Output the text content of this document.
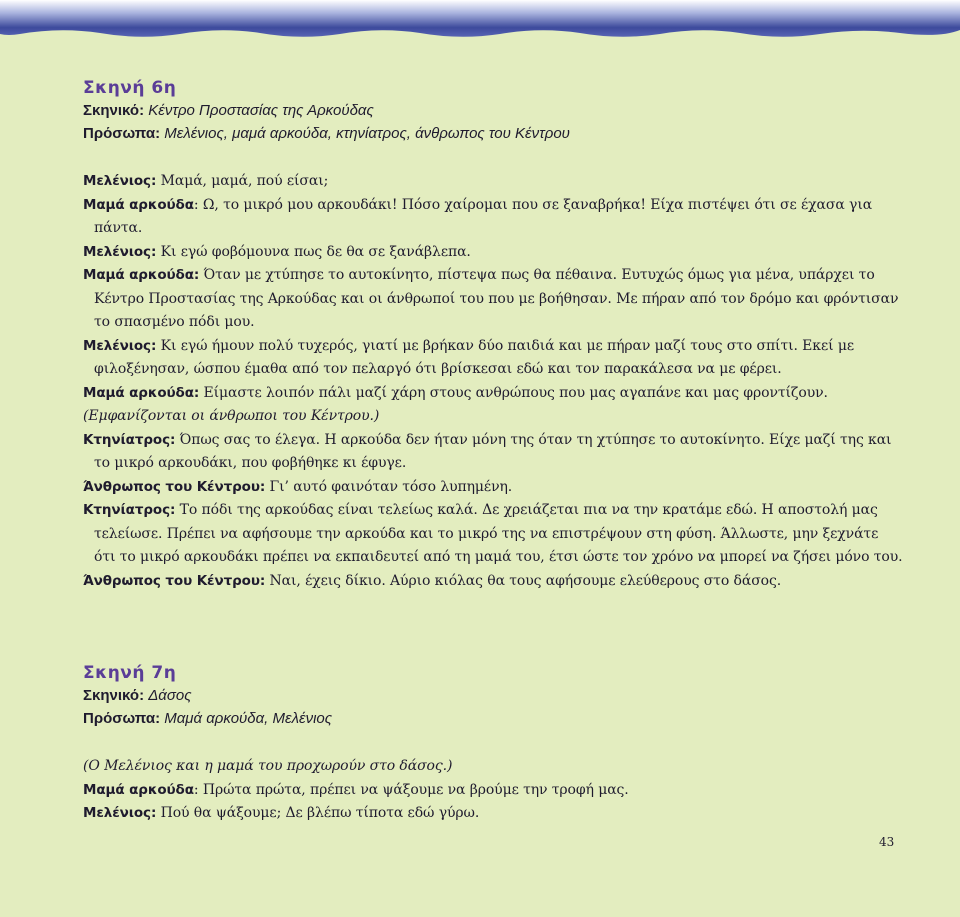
Σκηνή 6η
Σκηνικό: Κέντρο Προστασίας της Αρκούδας
Πρόσωπα: Μελένιος, μαμά αρκούδα, κτηνίατρος, άνθρωπος του Κέντρου
Μελένιος: Μαμά, μαμά, πού είσαι;
Μαμά αρκούδα: Ω, το μικρό μου αρκουδάκι! Πόσο χαίρομαι που σε ξαναβρήκα! Είχα πιστέψει ότι σε έχασα για πάντα.
Μελένιος: Κι εγώ φοβόμουνα πως δε θα σε ξανάβλεπα.
Μαμά αρκούδα: Όταν με χτύπησε το αυτοκίνητο, πίστεψα πως θα πέθαινα. Ευτυχώς όμως για μένα, υπάρχει το Κέντρο Προστασίας της Αρκούδας και οι άνθρωποί του που με βοήθησαν. Με πήραν από τον δρόμο και φρόντισαν το σπασμένο πόδι μου.
Μελένιος: Κι εγώ ήμουν πολύ τυχερός, γιατί με βρήκαν δύο παιδιά και με πήραν μαζί τους στο σπίτι. Εκεί με φιλοξένησαν, ώσπου έμαθα από τον πελαργό ότι βρίσκεσαι εδώ και τον παρακάλεσα να με φέρει.
Μαμά αρκούδα: Είμαστε λοιπόν πάλι μαζί χάρη στους ανθρώπους που μας αγαπάνε και μας φροντίζουν.
(Εμφανίζονται οι άνθρωποι του Κέντρου.)
Κτηνίατρος: Όπως σας το έλεγα. Η αρκούδα δεν ήταν μόνη της όταν τη χτύπησε το αυτοκίνητο. Είχε μαζί της και το μικρό αρκουδάκι, που φοβήθηκε κι έφυγε.
Άνθρωπος του Κέντρου: Γι’ αυτό φαινόταν τόσο λυπημένη.
Κτηνίατρος: Το πόδι της αρκούδας είναι τελείως καλά. Δε χρειάζεται πια να την κρατάμε εδώ. Η αποστολή μας τελείωσε. Πρέπει να αφήσουμε την αρκούδα και το μικρό της να επιστρέψουν στη φύση. Άλλωστε, μην ξεχνάτε ότι το μικρό αρκουδάκι πρέπει να εκπαιδευτεί από τη μαμά του, έτσι ώστε τον χρόνο να μπορεί να ζήσει μόνο του.
Άνθρωπος του Κέντρου: Ναι, έχεις δίκιο. Αύριο κιόλας θα τους αφήσουμε ελεύθερους στο δάσος.
Σκηνή 7η
Σκηνικό: Δάσος
Πρόσωπα: Μαμά αρκούδα, Μελένιος
(Ο Μελένιος και η μαμά του προχωρούν στο δάσος.)
Μαμά αρκούδα: Πρώτα πρώτα, πρέπει να ψάξουμε να βρούμε την τροφή μας.
Μελένιος: Πού θα ψάξουμε; Δε βλέπω τίποτα εδώ γύρω.
43
